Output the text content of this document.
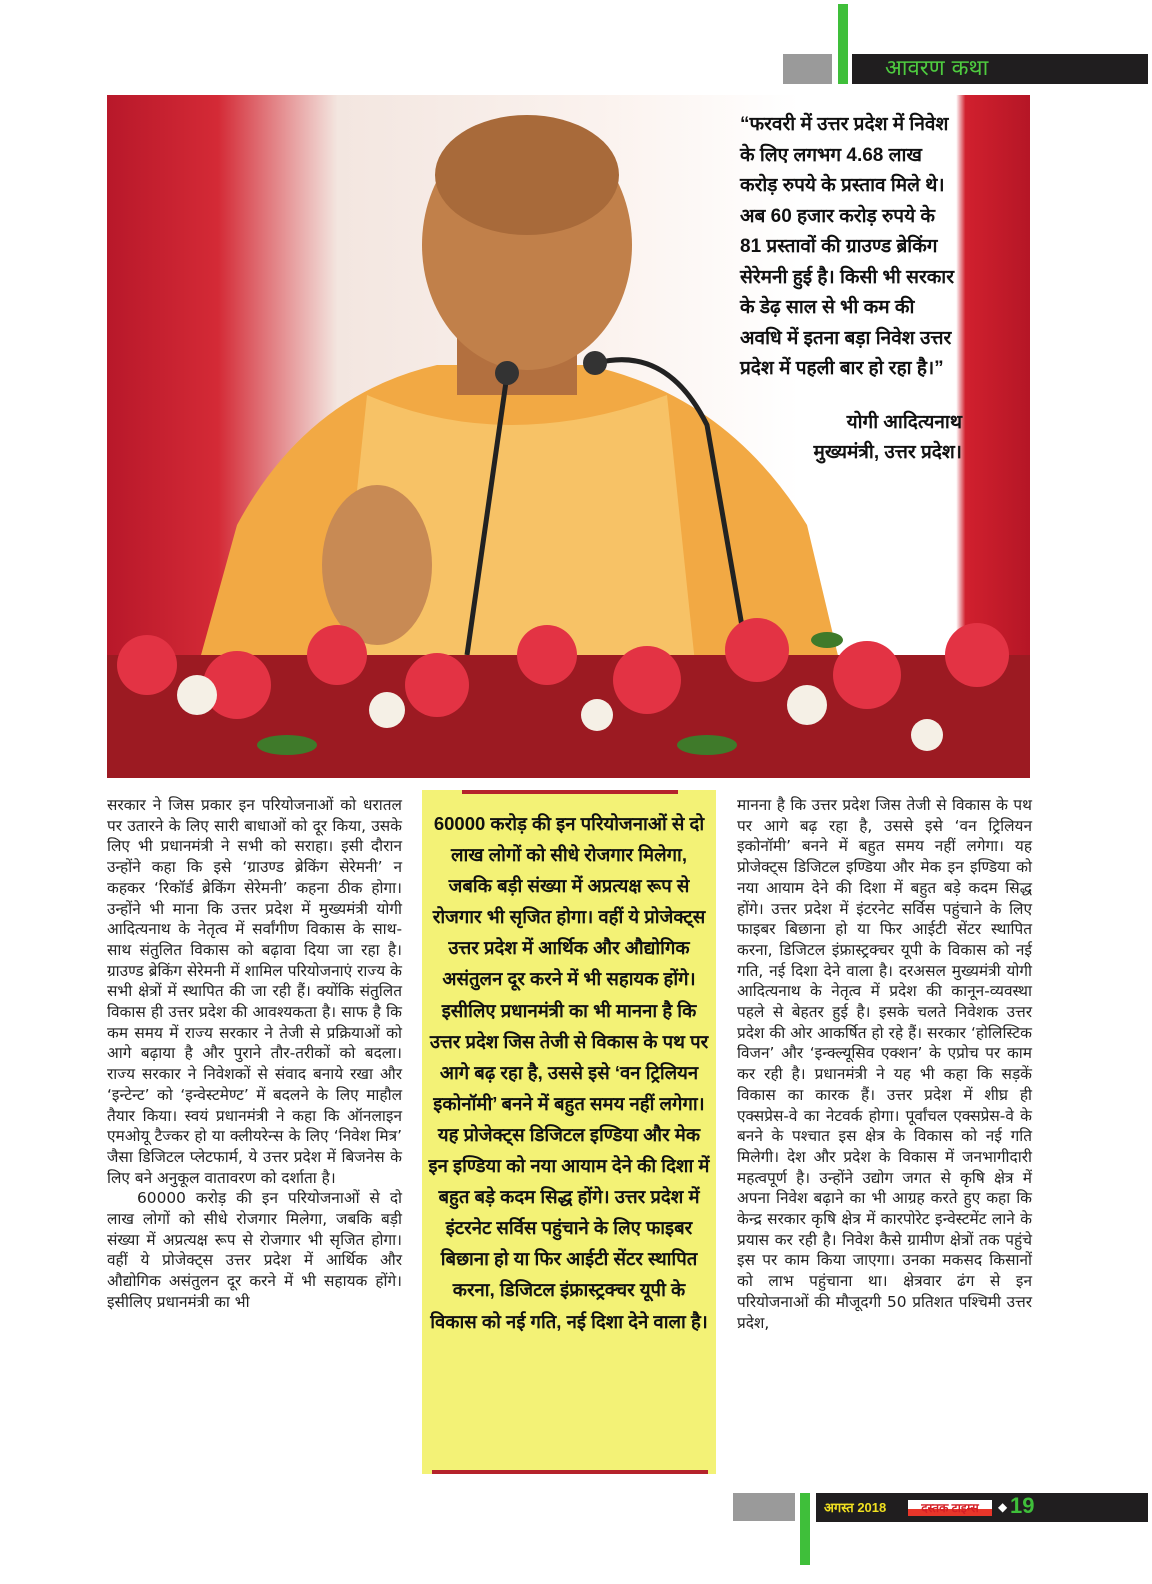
आवरण कथा
“फरवरी में उत्तर प्रदेश में निवेश के लिए लगभग 4.68 लाख करोड़ रुपये के प्रस्ताव मिले थे। अब 60 हजार करोड़ रुपये के 81 प्रस्तावों की ग्राउण्ड ब्रेकिंग सेरेमनी हुई है। किसी भी सरकार के डेढ़ साल से भी कम की अवधि में इतना बड़ा निवेश उत्तर प्रदेश में पहली बार हो रहा है।”
योगी आदित्यनाथ
मुख्यमंत्री, उत्तर प्रदेश।

सरकार ने जिस प्रकार इन परियोजनाओं को धरातल पर उतारने के लिए सारी बाधाओं को दूर किया, उसके लिए भी प्रधानमंत्री ने सभी को सराहा। इसी दौरान उन्होंने कहा कि इसे ‘ग्राउण्ड ब्रेकिंग सेरेमनी’ न कहकर ‘रिकॉर्ड ब्रेकिंग सेरेमनी’ कहना ठीक होगा। उन्होंने भी माना कि उत्तर प्रदेश में मुख्यमंत्री योगी आदित्यनाथ के नेतृत्व में सर्वांगीण विकास के साथ-साथ संतुलित विकास को बढ़ावा दिया जा रहा है। ग्राउण्ड ब्रेकिंग सेरेमनी में शामिल परियोजनाएं राज्य के सभी क्षेत्रों में स्थापित की जा रही हैं। क्योंकि संतुलित विकास ही उत्तर प्रदेश की आवश्यकता है। साफ है कि कम समय में राज्य सरकार ने तेजी से प्रक्रियाओं को आगे बढ़ाया है और पुराने तौर-तरीकों को बदला। राज्य सरकार ने निवेशकों से संवाद बनाये रखा और ‘इन्टेन्ट’ को ‘इन्वेस्टमेण्ट’ में बदलने के लिए माहौल तैयार किया। स्वयं प्रधानमंत्री ने कहा कि ऑनलाइन एमओयू टैज्कर हो या क्लीयरेन्स के लिए ‘निवेश मित्र’ जैसा डिजिटल प्लेटफार्म, ये उत्तर प्रदेश में बिजनेस के लिए बने अनुकूल वातावरण को दर्शाता है।

60000 करोड़ की इन परियोजनाओं से दो लाख लोगों को सीधे रोजगार मिलेगा, जबकि बड़ी संख्या में अप्रत्यक्ष रूप से रोजगार भी सृजित होगा। वहीं ये प्रोजेक्ट्स उत्तर प्रदेश में आर्थिक और औद्योगिक असंतुलन दूर करने में भी सहायक होंगे। इसीलिए प्रधानमंत्री का भी

60000 करोड़ की इन परियोजनाओं से दो लाख लोगों को सीधे रोजगार मिलेगा, जबकि बड़ी संख्या में अप्रत्यक्ष रूप से रोजगार भी सृजित होगा। वहीं ये प्रोजेक्ट्स उत्तर प्रदेश में आर्थिक और औद्योगिक असंतुलन दूर करने में भी सहायक होंगे। इसीलिए प्रधानमंत्री का भी मानना है कि उत्तर प्रदेश जिस तेजी से विकास के पथ पर आगे बढ़ रहा है, उससे इसे ‘वन ट्रिलियन इकोनॉमी’ बनने में बहुत समय नहीं लगेगा। यह प्रोजेक्ट्स डिजिटल इण्डिया और मेक इन इण्डिया को नया आयाम देने की दिशा में बहुत बड़े कदम सिद्ध होंगे। उत्तर प्रदेश में इंटरनेट सर्विस पहुंचाने के लिए फाइबर बिछाना हो या फिर आईटी सेंटर स्थापित करना, डिजिटल इंफ्रास्ट्रक्चर यूपी के विकास को नई गति, नई दिशा देने वाला है।

मानना है कि उत्तर प्रदेश जिस तेजी से विकास के पथ पर आगे बढ़ रहा है, उससे इसे ‘वन ट्रिलियन इकोनॉमी’ बनने में बहुत समय नहीं लगेगा। यह प्रोजेक्ट्स डिजिटल इण्डिया और मेक इन इण्डिया को नया आयाम देने की दिशा में बहुत बड़े कदम सिद्ध होंगे। उत्तर प्रदेश में इंटरनेट सर्विस पहुंचाने के लिए फाइबर बिछाना हो या फिर आईटी सेंटर स्थापित करना, डिजिटल इंफ्रास्ट्रक्चर यूपी के विकास को नई गति, नई दिशा देने वाला है। दरअसल मुख्यमंत्री योगी आदित्यनाथ के नेतृत्व में प्रदेश की कानून-व्यवस्था पहले से बेहतर हुई है। इसके चलते निवेशक उत्तर प्रदेश की ओर आकर्षित हो रहे हैं। सरकार ‘होलिस्टिक विजन’ और ‘इन्क्ल्यूसिव एक्शन’ के एप्रोच पर काम कर रही है। प्रधानमंत्री ने यह भी कहा कि सड़कें विकास का कारक हैं। उत्तर प्रदेश में शीघ्र ही एक्सप्रेस-वे का नेटवर्क होगा। पूर्वांचल एक्सप्रेस-वे के बनने के पश्चात इस क्षेत्र के विकास को नई गति मिलेगी। देश और प्रदेश के विकास में जनभागीदारी महत्वपूर्ण है। उन्होंने उद्योग जगत से कृषि क्षेत्र में अपना निवेश बढ़ाने का भी आग्रह करते हुए कहा कि केन्द्र सरकार कृषि क्षेत्र में कारपोरेट इन्वेस्टमेंट लाने के प्रयास कर रही है। निवेश कैसे ग्रामीण क्षेत्रों तक पहुंचे इस पर काम किया जाएगा। उनका मकसद किसानों को लाभ पहुंचाना था। क्षेत्रवार ढंग से इन परियोजनाओं की मौजूदगी 50 प्रतिशत पश्चिमी उत्तर प्रदेश,

अगस्त 2018	दस्तक टाइम्स	◆ 19
